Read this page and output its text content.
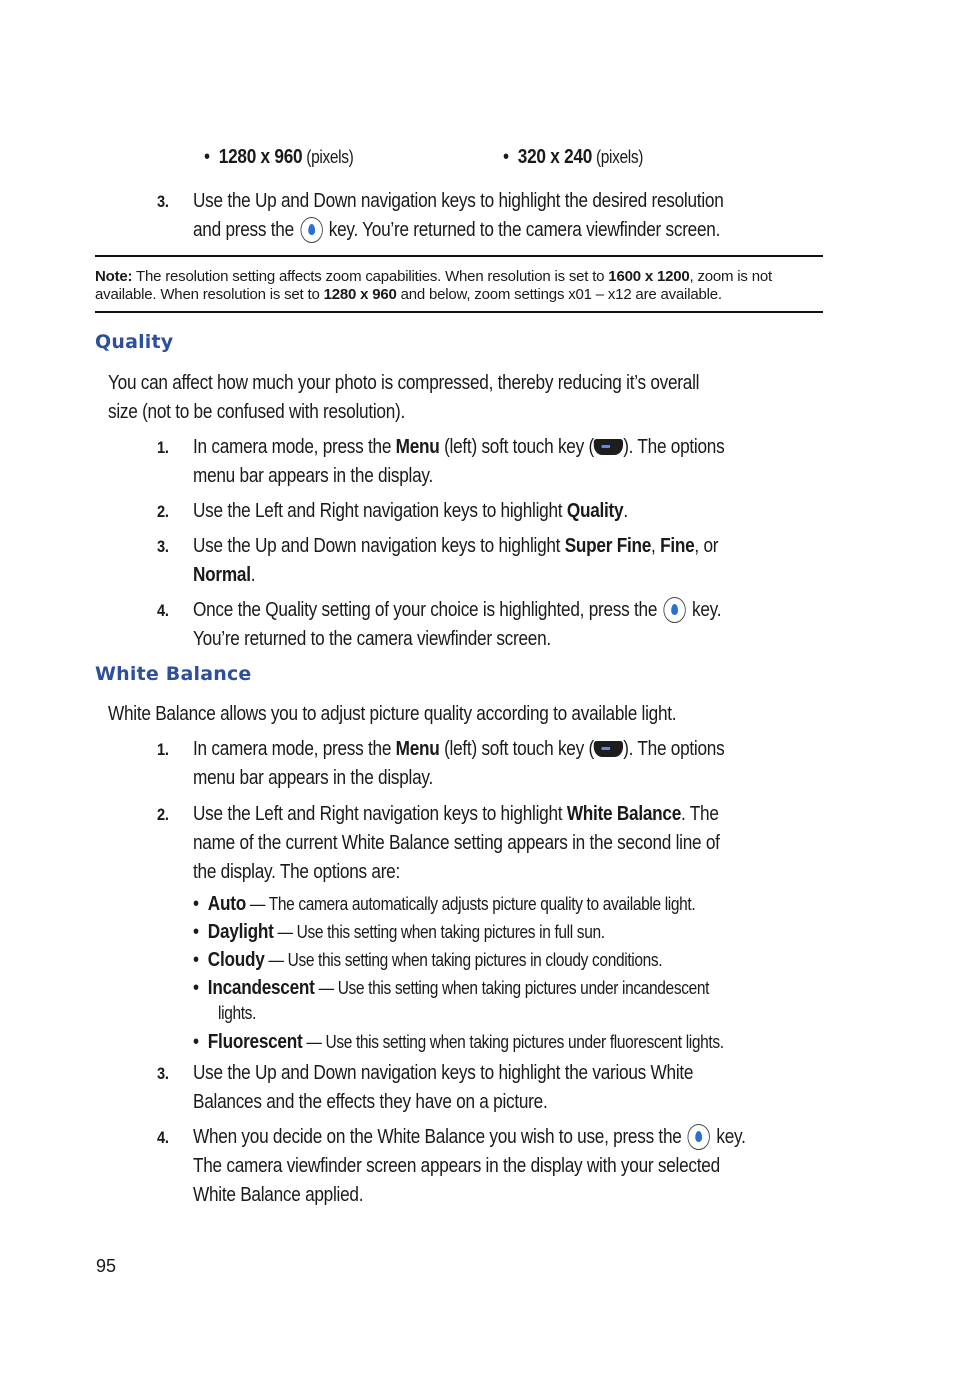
• 1280 x 960 (pixels)	• 320 x 240 (pixels)
3. Use the Up and Down navigation keys to highlight the desired resolution
and press the  key. You’re returned to the camera viewfinder screen.
Note: The resolution setting affects zoom capabilities. When resolution is set to 1600 x 1200, zoom is not
available. When resolution is set to 1280 x 960 and below, zoom settings x01 – x12 are available.
Quality
You can affect how much your photo is compressed, thereby reducing it’s overall
size (not to be confused with resolution).
1. In camera mode, press the Menu (left) soft touch key ( ). The options
menu bar appears in the display.
2. Use the Left and Right navigation keys to highlight Quality.
3. Use the Up and Down navigation keys to highlight Super Fine, Fine, or
Normal.
4. Once the Quality setting of your choice is highlighted, press the  key.
You’re returned to the camera viewfinder screen.
White Balance
White Balance allows you to adjust picture quality according to available light.
1. In camera mode, press the Menu (left) soft touch key ( ). The options
menu bar appears in the display.
2. Use the Left and Right navigation keys to highlight White Balance. The
name of the current White Balance setting appears in the second line of
the display. The options are:
• Auto — The camera automatically adjusts picture quality to available light.
• Daylight — Use this setting when taking pictures in full sun.
• Cloudy — Use this setting when taking pictures in cloudy conditions.
• Incandescent — Use this setting when taking pictures under incandescent
lights.
• Fluorescent — Use this setting when taking pictures under fluorescent lights.
3. Use the Up and Down navigation keys to highlight the various White
Balances and the effects they have on a picture.
4. When you decide on the White Balance you wish to use, press the  key.
The camera viewfinder screen appears in the display with your selected
White Balance applied.
95
